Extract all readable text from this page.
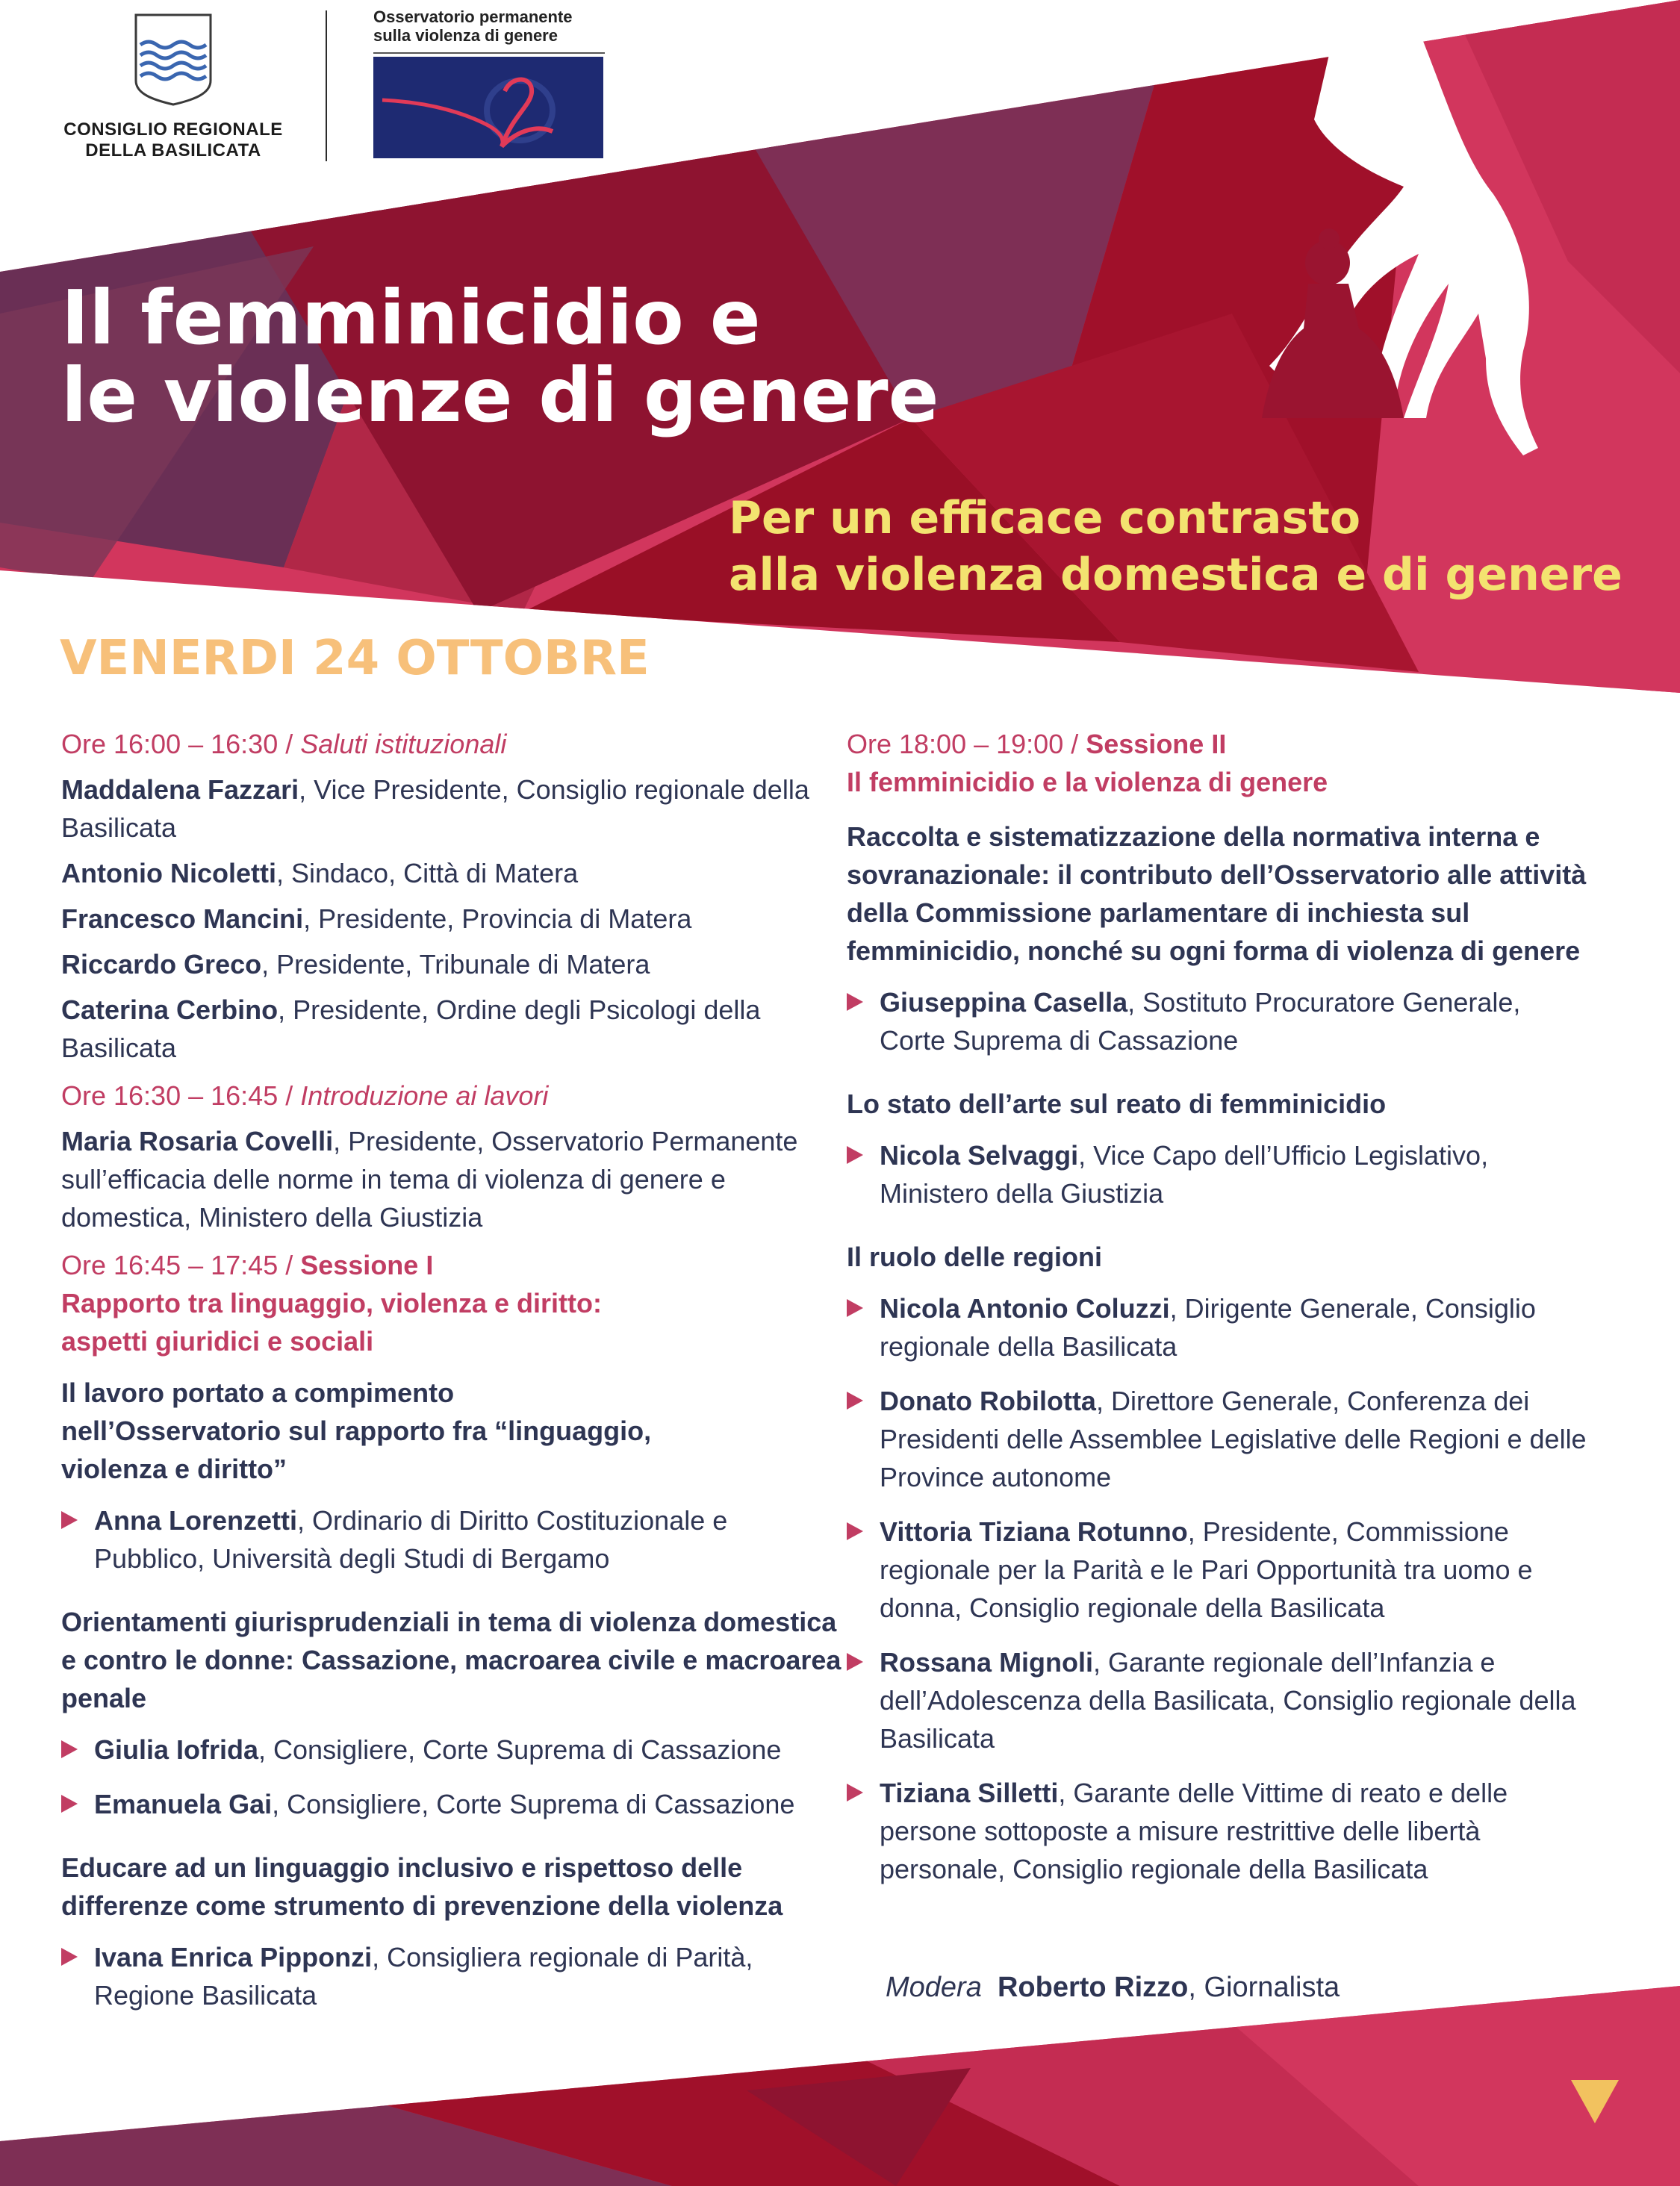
CONSIGLIO REGIONALE
DELLA BASILICATA
Osservatorio permanente
sulla violenza di genere
Il femminicidio e
le violenze di genere
Per un efficace contrasto
alla violenza domestica e di genere
VENERDI 24 OTTOBRE
Ore 16:00 – 16:30 / Saluti istituzionali
Maddalena Fazzari, Vice Presidente, Consiglio regionale della Basilicata
Antonio Nicoletti, Sindaco, Città di Matera
Francesco Mancini, Presidente, Provincia di Matera
Riccardo Greco, Presidente, Tribunale di Matera
Caterina Cerbino, Presidente, Ordine degli Psicologi della Basilicata
Ore 16:30 – 16:45 / Introduzione ai lavori
Maria Rosaria Covelli, Presidente, Osservatorio Permanente sull’efficacia delle norme in tema di violenza di genere e domestica, Ministero della Giustizia
Ore 16:45 – 17:45 / Sessione I
Rapporto tra linguaggio, violenza e diritto:
aspetti giuridici e sociali
Il lavoro portato a compimento
nell’Osservatorio sul rapporto fra “linguaggio,
violenza e diritto”
Anna Lorenzetti, Ordinario di Diritto Costituzionale e Pubblico, Università degli Studi di Bergamo
Orientamenti giurisprudenziali in tema di violenza domestica e contro le donne: Cassazione, macroarea civile e macroarea penale
Giulia Iofrida, Consigliere, Corte Suprema di Cassazione
Emanuela Gai, Consigliere, Corte Suprema di Cassazione
Educare ad un linguaggio inclusivo e rispettoso delle differenze come strumento di prevenzione della violenza
Ivana Enrica Pipponzi, Consigliera regionale di Parità, Regione Basilicata
Ore 18:00 – 19:00 / Sessione II
Il femminicidio e la violenza di genere
Raccolta e sistematizzazione della normativa interna e sovranazionale: il contributo dell’Osservatorio alle attività della Commissione parlamentare di inchiesta sul femminicidio, nonché su ogni forma di violenza di genere
Giuseppina Casella, Sostituto Procuratore Generale, Corte Suprema di Cassazione
Lo stato dell’arte sul reato di femminicidio
Nicola Selvaggi, Vice Capo dell’Ufficio Legislativo, Ministero della Giustizia
Il ruolo delle regioni
Nicola Antonio Coluzzi, Dirigente Generale, Consiglio regionale della Basilicata
Donato Robilotta, Direttore Generale, Conferenza dei Presidenti delle Assemblee Legislative delle Regioni e delle Province autonome
Vittoria Tiziana Rotunno, Presidente, Commissione regionale per la Parità e le Pari Opportunità tra uomo e donna, Consiglio regionale della Basilicata
Rossana Mignoli, Garante regionale dell’Infanzia e dell’Adolescenza della Basilicata, Consiglio regionale della Basilicata
Tiziana Silletti, Garante delle Vittime di reato e delle persone sottoposte a misure restrittive delle libertà personale, Consiglio regionale della Basilicata
Modera Roberto Rizzo, Giornalista
